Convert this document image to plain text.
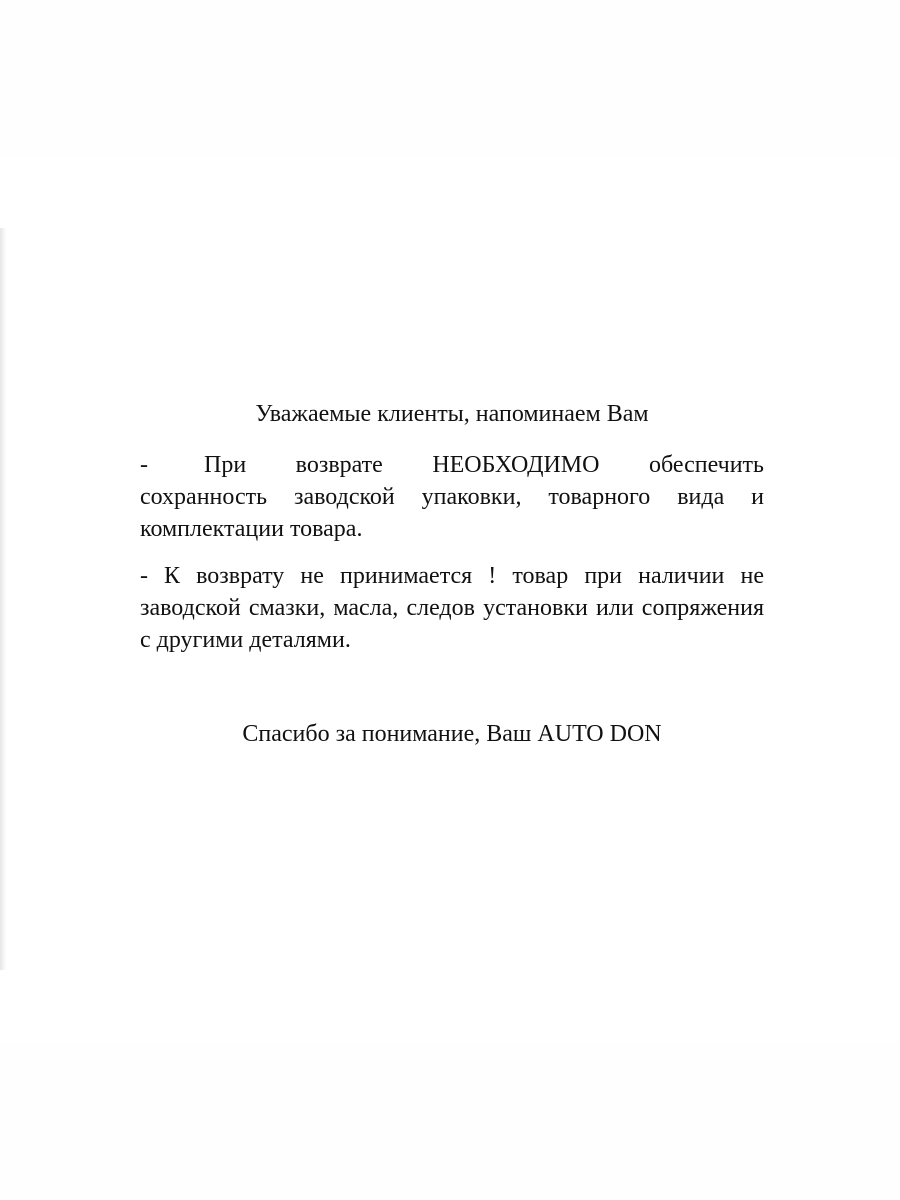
Уважаемые клиенты, напоминаем Вам

- При возврате НЕОБХОДИМО обеспечить сохранность заводской упаковки, товарного вида и комплектации товара.

- К возврату не принимается ! товар при наличии не заводской смазки, масла, следов установки или сопряжения с другими деталями.

Спасибо за понимание, Ваш AUTO DON
